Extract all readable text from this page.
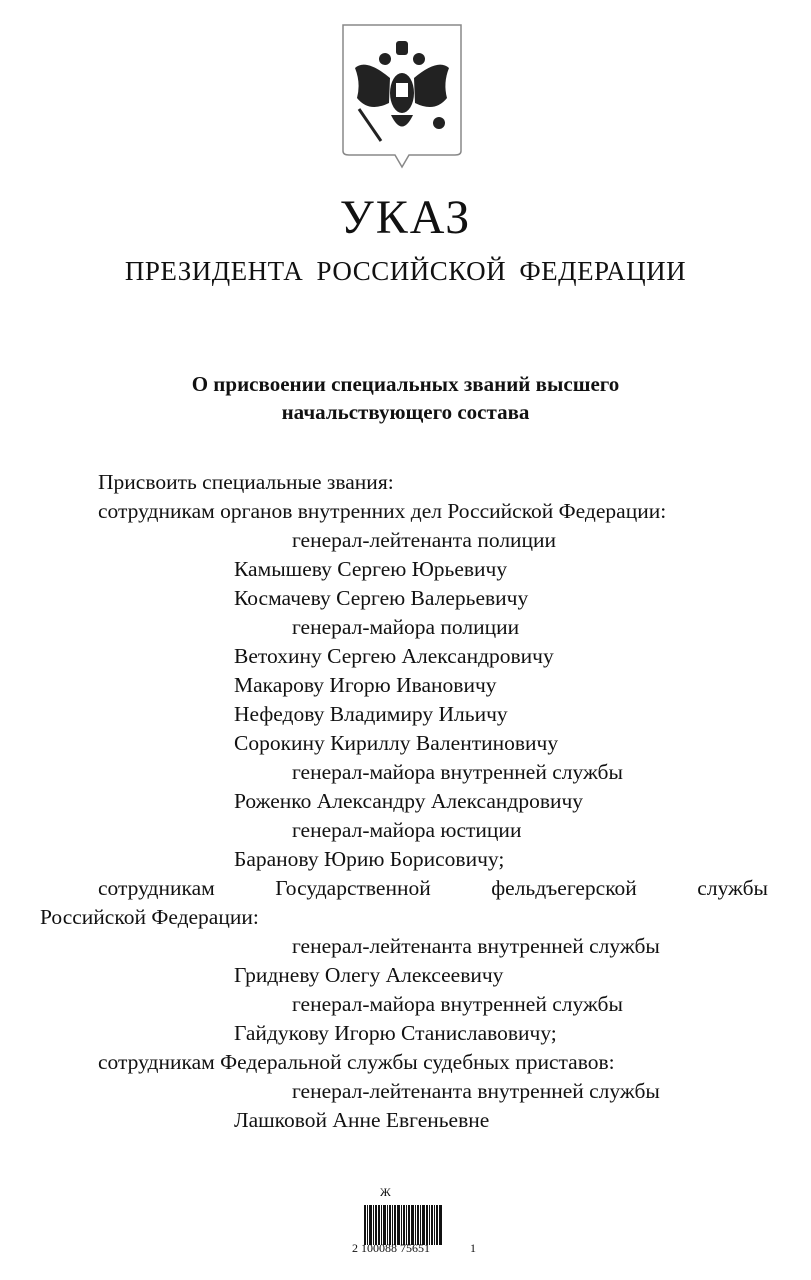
УКАЗ
ПРЕЗИДЕНТА РОССИЙСКОЙ ФЕДЕРАЦИИ
О присвоении специальных званий высшего
начальствующего состава
Присвоить специальные звания:
сотрудникам органов внутренних дел Российской Федерации:
генерал-лейтенанта полиции
Камышеву Сергею Юрьевичу
Космачеву Сергею Валерьевичу
генерал-майора полиции
Ветохину Сергею Александровичу
Макарову Игорю Ивановичу
Нефедову Владимиру Ильичу
Сорокину Кириллу Валентиновичу
генерал-майора внутренней службы
Роженко Александру Александровичу
генерал-майора юстиции
Баранову Юрию Борисовичу;
сотрудникам Государственной фельдъегерской службы
Российской Федерации:
генерал-лейтенанта внутренней службы
Гридневу Олегу Алексеевичу
генерал-майора внутренней службы
Гайдукову Игорю Станиславовичу;
сотрудникам Федеральной службы судебных приставов:
генерал-лейтенанта внутренней службы
Лашковой Анне Евгеньевне
Ж
2 100088 75651	1
